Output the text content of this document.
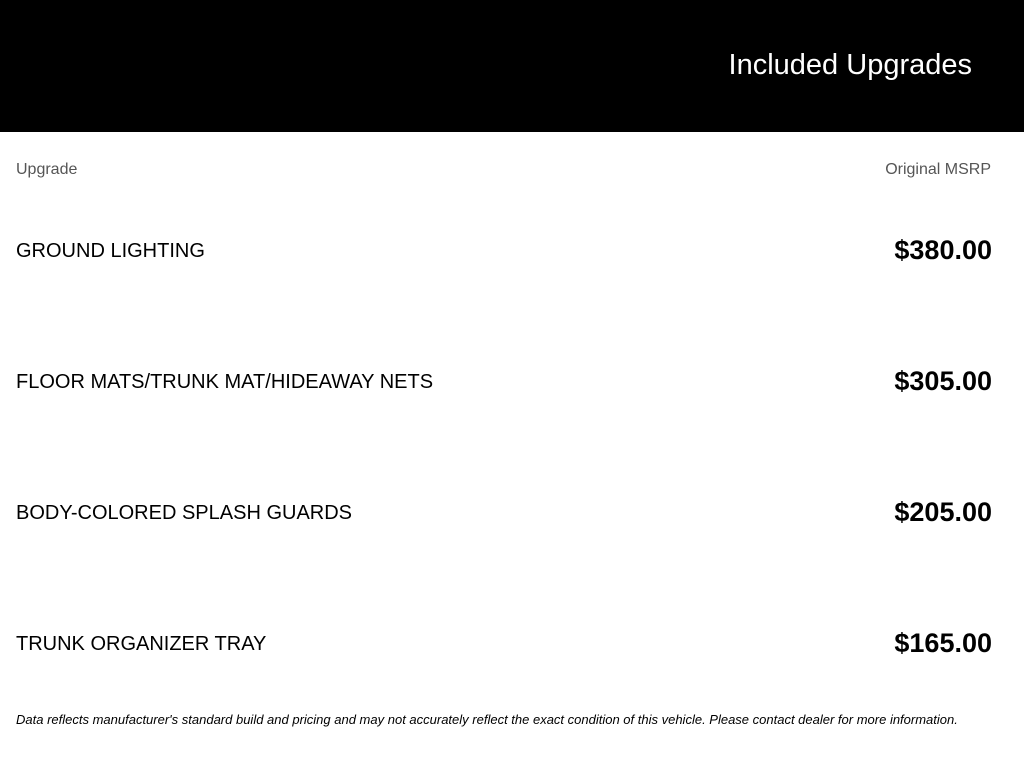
Included Upgrades
Upgrade	Original MSRP
GROUND LIGHTING	$380.00
FLOOR MATS/TRUNK MAT/HIDEAWAY NETS	$305.00
BODY-COLORED SPLASH GUARDS	$205.00
TRUNK ORGANIZER TRAY	$165.00
Data reflects manufacturer's standard build and pricing and may not accurately reflect the exact condition of this vehicle. Please contact dealer for more information.
